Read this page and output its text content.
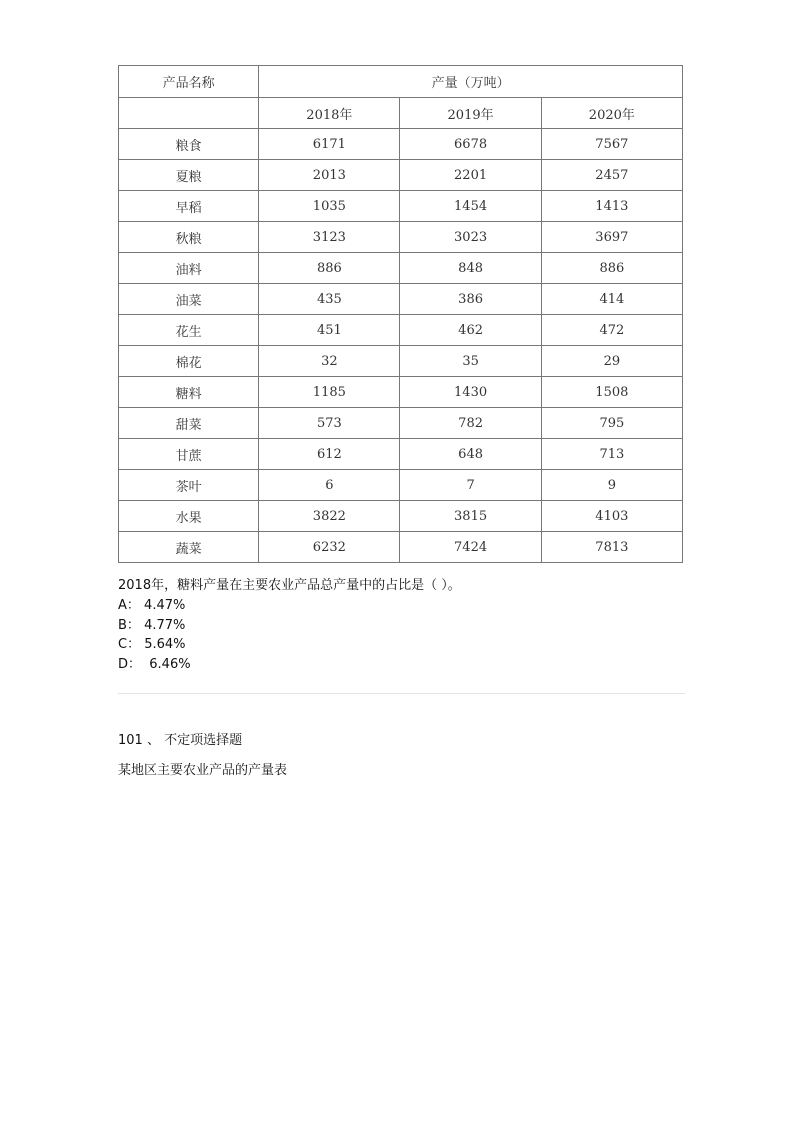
产品名称	产量（万吨）		
	2018年	2019年	2020年
粮食	6171	6678	7567
夏粮	2013	2201	2457
早稻	1035	1454	1413
秋粮	3123	3023	3697
油料	886	848	886
油菜	435	386	414
花生	451	462	472
棉花	32	35	29
糖料	1185	1430	1508
甜菜	573	782	795
甘蔗	612	648	713
茶叶	6	7	9
水果	3822	3815	4103
蔬菜	6232	7424	7813
2018年，糖料产量在主要农业产品总产量中的占比是（ ）。
A： 4.47%
B： 4.77%
C： 5.64%
D： 6.46%
101 、 不定项选择题
某地区主要农业产品的产量表
